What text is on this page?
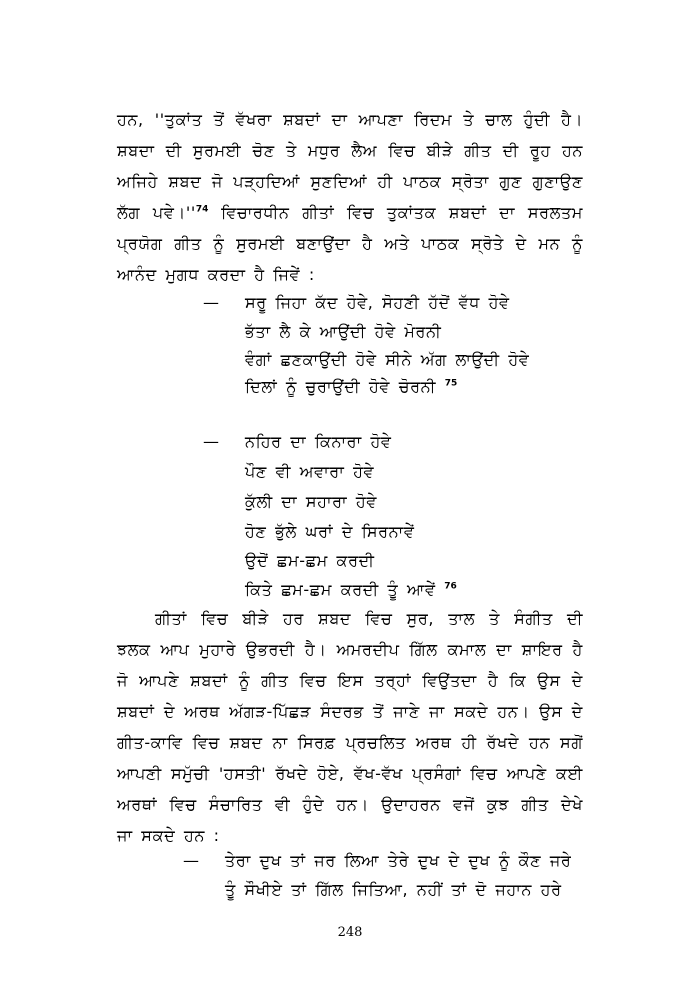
ਹਨ, ''ਤੁਕਾਂਤ ਤੋਂ ਵੱਖਰਾ ਸ਼ਬਦਾਂ ਦਾ ਆਪਣਾ ਰਿਦਮ ਤੇ ਚਾਲ ਹੁੰਦੀ ਹੈ।
ਸ਼ਬਦਾ ਦੀ ਸੁਰਮਈ ਚੋਣ ਤੇ ਮਧੁਰ ਲੈਅ ਵਿਚ ਬੀੜੇ ਗੀਤ ਦੀ ਰੂਹ ਹਨ
ਅਜਿਹੇ ਸ਼ਬਦ ਜੋ ਪੜ੍ਹਦਿਆਂ ਸੁਣਦਿਆਂ ਹੀ ਪਾਠਕ ਸ੍ਰੋਤਾ ਗੁਣ ਗੁਣਾਉਣ
ਲੱਗ $ਪਵੇ।''^{74}$ ਵਿਚਾਰਧੀਨ ਗੀਤਾਂ ਵਿਚ ਤੁਕਾਂਤਕ ਸ਼ਬਦਾਂ ਦਾ ਸਰਲਤਮ
ਪ੍ਰਯੋਗ ਗੀਤ ਨੂੰ ਸੁਰਮਈ ਬਣਾਉਂਦਾ ਹੈ ਅਤੇ ਪਾਠਕ ਸ੍ਰੋਤੇ ਦੇ ਮਨ ਨੂੰ
ਆਨੰਦ ਮੁਗਧ ਕਰਦਾ ਹੈ ਜਿਵੇਂ :
— ਸਰੂ ਜਿਹਾ ਕੱਦ ਹੋਵੇ, ਸੋਹਣੀ ਹੱਦੋਂ ਵੱਧ ਹੋਵੇ
ਭੱਤਾ ਲੈ ਕੇ ਆਉਂਦੀ ਹੋਵੇ ਮੋਰਨੀ
ਵੰਗਾਂ ਛਣਕਾਉਂਦੀ ਹੋਵੇ ਸੀਨੇ ਅੱਗ ਲਾਉਂਦੀ ਹੋਵੇ
ਦਿਲਾਂ ਨੂੰ ਚੁਰਾਉਂਦੀ ਹੋਵੇ ਚੋਰਨੀ $^{75}$
— ਨਹਿਰ ਦਾ ਕਿਨਾਰਾ ਹੋਵੇ
ਪੌਣ ਵੀ ਅਵਾਰਾ ਹੋਵੇ
ਕੁੱਲੀ ਦਾ ਸਹਾਰਾ ਹੋਵੇ
ਹੋਣ ਭੁੱਲੇ ਘਰਾਂ ਦੇ ਸਿਰਨਾਵੇਂ
ਉਦੋਂ ਛਮ-ਛਮ ਕਰਦੀ
ਕਿਤੇ ਛਮ-ਛਮ ਕਰਦੀ ਤੂੰ ਆਵੇਂ $^{76}$
ਗੀਤਾਂ ਵਿਚ ਬੀੜੇ ਹਰ ਸ਼ਬਦ ਵਿਚ ਸੁਰ, ਤਾਲ ਤੇ ਸੰਗੀਤ ਦੀ
ਝਲਕ ਆਪ ਮੁਹਾਰੇ ਉਭਰਦੀ ਹੈ। ਅਮਰਦੀਪ ਗਿੱਲ ਕਮਾਲ ਦਾ ਸ਼ਾਇਰ ਹੈ
ਜੋ ਆਪਣੇ ਸ਼ਬਦਾਂ ਨੂੰ ਗੀਤ ਵਿਚ ਇਸ ਤਰ੍ਹਾਂ ਵਿਉਂਤਦਾ ਹੈ ਕਿ ਉਸ ਦੇ
ਸ਼ਬਦਾਂ ਦੇ ਅਰਥ ਅੱਗੜ-ਪਿੱਛੜ ਸੰਦਰਭ ਤੋਂ ਜਾਣੇ ਜਾ ਸਕਦੇ ਹਨ। ਉਸ ਦੇ
ਗੀਤ-ਕਾਵਿ ਵਿਚ ਸ਼ਬਦ ਨਾ ਸਿਰਫ਼ ਪ੍ਰਚਲਿਤ ਅਰਥ ਹੀ ਰੱਖਦੇ ਹਨ ਸਗੋਂ
ਆਪਣੀ ਸਮੁੱਚੀ 'ਹਸਤੀ' ਰੱਖਦੇ ਹੋਏ, ਵੱਖ-ਵੱਖ ਪ੍ਰਸੰਗਾਂ ਵਿਚ ਆਪਣੇ ਕਈ
ਅਰਥਾਂ ਵਿਚ ਸੰਚਾਰਿਤ ਵੀ ਹੁੰਦੇ ਹਨ। ਉਦਾਹਰਨ ਵਜੋਂ ਕੁਝ ਗੀਤ ਦੇਖੇ
ਜਾ ਸਕਦੇ ਹਨ :
— ਤੇਰਾ ਦੁਖ ਤਾਂ ਜਰ ਲਿਆ ਤੇਰੇ ਦੁਖ ਦੇ ਦੁਖ ਨੂੰ ਕੌਣ ਜਰੇ
ਤੂੰ ਸੌਖੀਏ ਤਾਂ ਗਿੱਲ ਜਿਤਿਆ, ਨਹੀਂ ਤਾਂ ਦੋ ਜਹਾਨ ਹਰੇ
248
